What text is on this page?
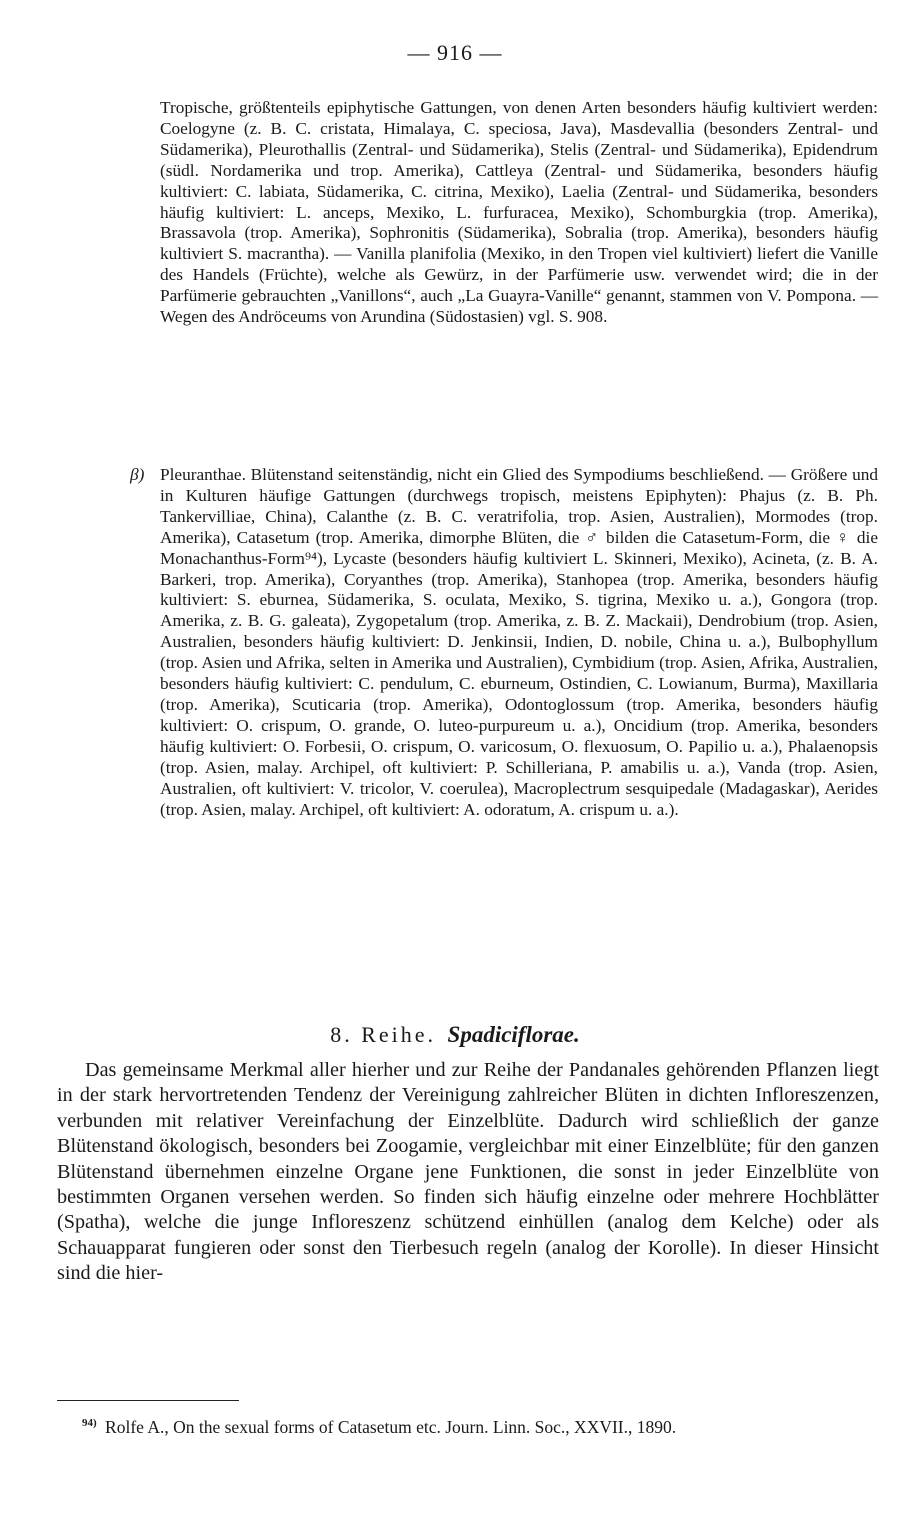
— 916 —
Tropische, größtenteils epiphytische Gattungen, von denen Arten besonders häufig kultiviert werden: Coelogyne (z. B. C. cristata, Himalaya, C. speciosa, Java), Masdevallia (besonders Zentral- und Südamerika), Pleurothallis (Zentral- und Südamerika), Stelis (Zentral- und Südamerika), Epidendrum (südl. Nordamerika und trop. Amerika), Cattleya (Zentral- und Südamerika, besonders häufig kultiviert: C. labiata, Südamerika, C. citrina, Mexiko), Laelia (Zentral- und Südamerika, besonders häufig kultiviert: L. anceps, Mexiko, L. furfuracea, Mexiko), Schomburgkia (trop. Amerika), Brassavola (trop. Amerika), Sophronitis (Südamerika), Sobralia (trop. Amerika), besonders häufig kultiviert S. macrantha). — Vanilla planifolia (Mexiko, in den Tropen viel kultiviert) liefert die Vanille des Handels (Früchte), welche als Gewürz, in der Parfümerie usw. verwendet wird; die in der Parfümerie gebrauchten „Vanillons“, auch „La Guayra-Vanille“ genannt, stammen von V. Pompona. — Wegen des Andröceums von Arundina (Südostasien) vgl. S. 908.
β) Pleuranthae. Blütenstand seitenständig, nicht ein Glied des Sympodiums beschließend. — Größere und in Kulturen häufige Gattungen (durchwegs tropisch, meistens Epiphyten): Phajus (z. B. Ph. Tankervilliae, China), Calanthe (z. B. C. veratrifolia, trop. Asien, Australien), Mormodes (trop. Amerika), Catasetum (trop. Amerika, dimorphe Blüten, die ♂ bilden die Catasetum-Form, die ♀ die Monachanthus-Form⁹⁴), Lycaste (besonders häufig kultiviert L. Skinneri, Mexiko), Acineta, (z. B. A. Barkeri, trop. Amerika), Coryanthes (trop. Amerika), Stanhopea (trop. Amerika, besonders häufig kultiviert: S. eburnea, Südamerika, S. oculata, Mexiko, S. tigrina, Mexiko u. a.), Gongora (trop. Amerika, z. B. G. galeata), Zygopetalum (trop. Amerika, z. B. Z. Mackaii), Dendrobium (trop. Asien, Australien, besonders häufig kultiviert: D. Jenkinsii, Indien, D. nobile, China u. a.), Bulbophyllum (trop. Asien und Afrika, selten in Amerika und Australien), Cymbidium (trop. Asien, Afrika, Australien, besonders häufig kultiviert: C. pendulum, C. eburneum, Ostindien, C. Lowianum, Burma), Maxillaria (trop. Amerika), Scuticaria (trop. Amerika), Odontoglossum (trop. Amerika, besonders häufig kultiviert: O. crispum, O. grande, O. luteo-purpureum u. a.), Oncidium (trop. Amerika, besonders häufig kultiviert: O. Forbesii, O. crispum, O. varicosum, O. flexuosum, O. Papilio u. a.), Phalaenopsis (trop. Asien, malay. Archipel, oft kultiviert: P. Schilleriana, P. amabilis u. a.), Vanda (trop. Asien, Australien, oft kultiviert: V. tricolor, V. coerulea), Macroplectrum sesquipedale (Madagaskar), Aerides (trop. Asien, malay. Archipel, oft kultiviert: A. odoratum, A. crispum u. a.).
8. Reihe. Spadiciflorae.
Das gemeinsame Merkmal aller hierher und zur Reihe der Pandanales gehörenden Pflanzen liegt in der stark hervortretenden Tendenz der Vereinigung zahlreicher Blüten in dichten Infloreszenzen, verbunden mit relativer Vereinfachung der Einzelblüte. Dadurch wird schließlich der ganze Blütenstand ökologisch, besonders bei Zoogamie, vergleichbar mit einer Einzelblüte; für den ganzen Blütenstand übernehmen einzelne Organe jene Funktionen, die sonst in jeder Einzelblüte von bestimmten Organen versehen werden. So finden sich häufig einzelne oder mehrere Hochblätter (Spatha), welche die junge Infloreszenz schützend einhüllen (analog dem Kelche) oder als Schauapparat fungieren oder sonst den Tierbesuch regeln (analog der Korolle). In dieser Hinsicht sind die hier-
$^{94)}$ Rolfe A., On the sexual forms of Catasetum etc. Journ. Linn. Soc., XXVII., 1890.
